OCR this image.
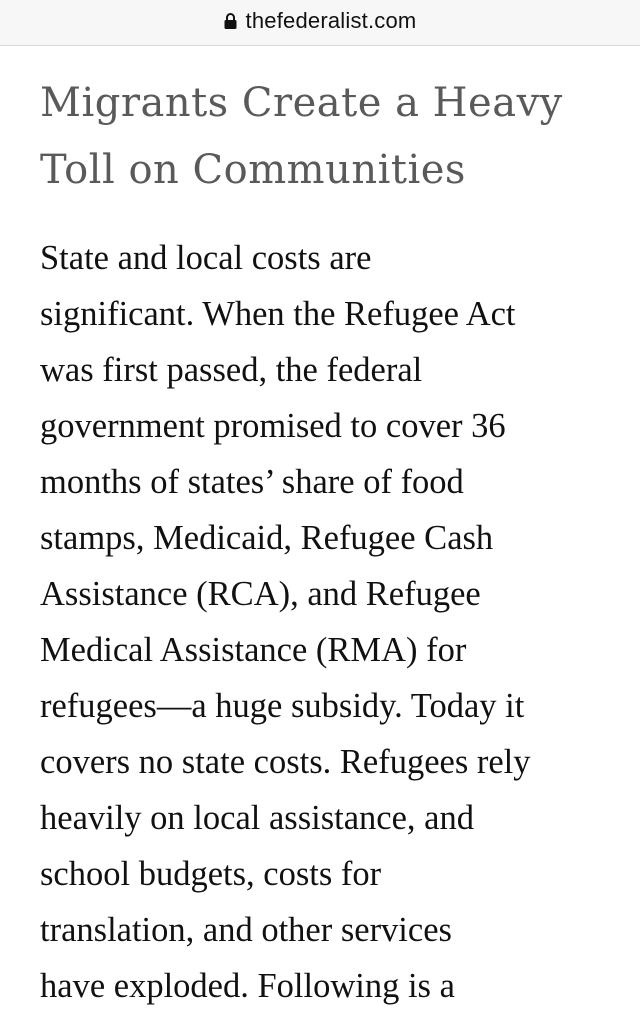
thefederalist.com
Migrants Create a Heavy
Toll on Communities

State and local costs are
significant. When the Refugee Act
was first passed, the federal
government promised to cover 36
months of states’ share of food
stamps, Medicaid, Refugee Cash
Assistance (RCA), and Refugee
Medical Assistance (RMA) for
refugees—a huge subsidy. Today it
covers no state costs. Refugees rely
heavily on local assistance, and
school budgets, costs for
translation, and other services
have exploded. Following is a
